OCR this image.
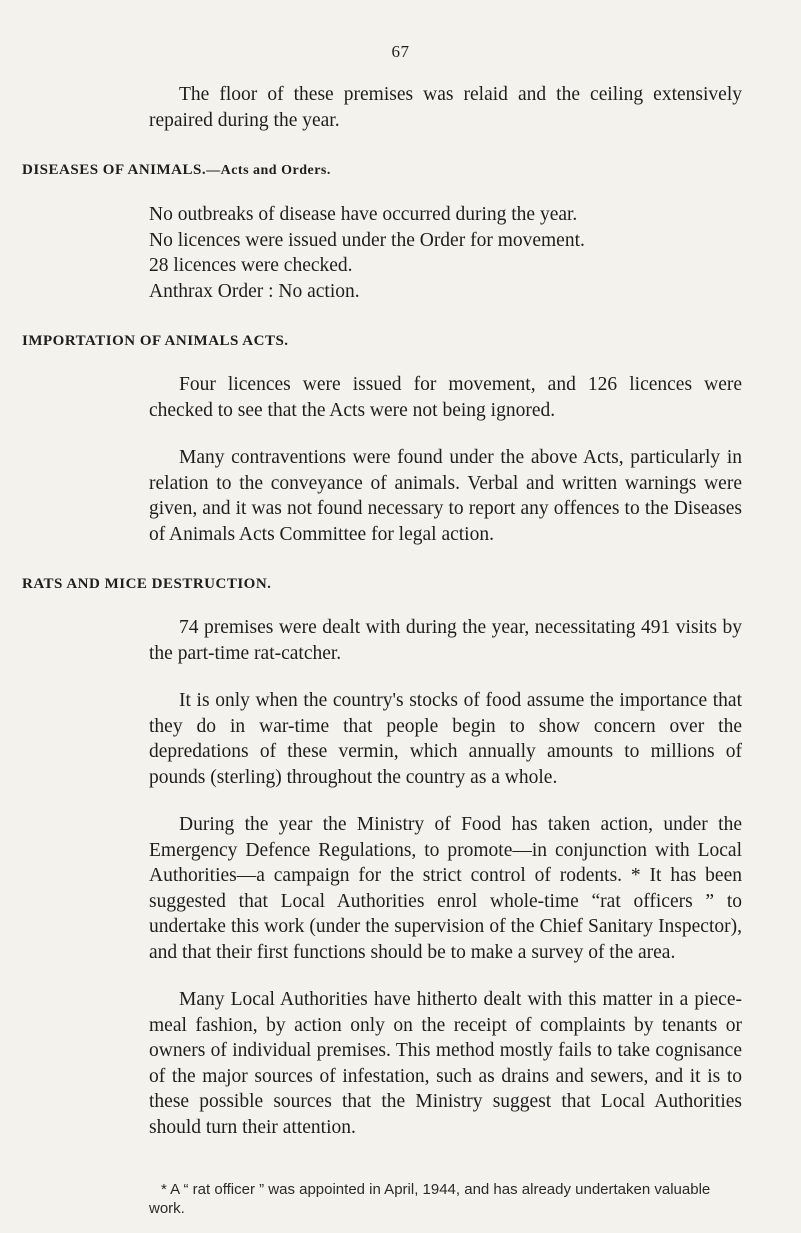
67

The floor of these premises was relaid and the ceiling extensively repaired during the year.

DISEASES OF ANIMALS.—Acts and Orders.

No outbreaks of disease have occurred during the year.
No licences were issued under the Order for movement.
28 licences were checked.
Anthrax Order : No action.

IMPORTATION OF ANIMALS ACTS.

Four licences were issued for movement, and 126 licences were checked to see that the Acts were not being ignored.

Many contraventions were found under the above Acts, particularly in relation to the conveyance of animals. Verbal and written warnings were given, and it was not found necessary to report any offences to the Diseases of Animals Acts Committee for legal action.

RATS AND MICE DESTRUCTION.

74 premises were dealt with during the year, necessitating 491 visits by the part-time rat-catcher.

It is only when the country's stocks of food assume the importance that they do in war-time that people begin to show concern over the depredations of these vermin, which annually amounts to millions of pounds (sterling) throughout the country as a whole.

During the year the Ministry of Food has taken action, under the Emergency Defence Regulations, to promote—in conjunction with Local Authorities—a campaign for the strict control of rodents. * It has been suggested that Local Authorities enrol whole-time “rat officers ” to undertake this work (under the supervision of the Chief Sanitary Inspector), and that their first functions should be to make a survey of the area.

Many Local Authorities have hitherto dealt with this matter in a piece-meal fashion, by action only on the receipt of complaints by tenants or owners of individual premises. This method mostly fails to take cognisance of the major sources of infestation, such as drains and sewers, and it is to these possible sources that the Ministry suggest that Local Authorities should turn their attention.

* A “ rat officer ” was appointed in April, 1944, and has already undertaken valuable work.
